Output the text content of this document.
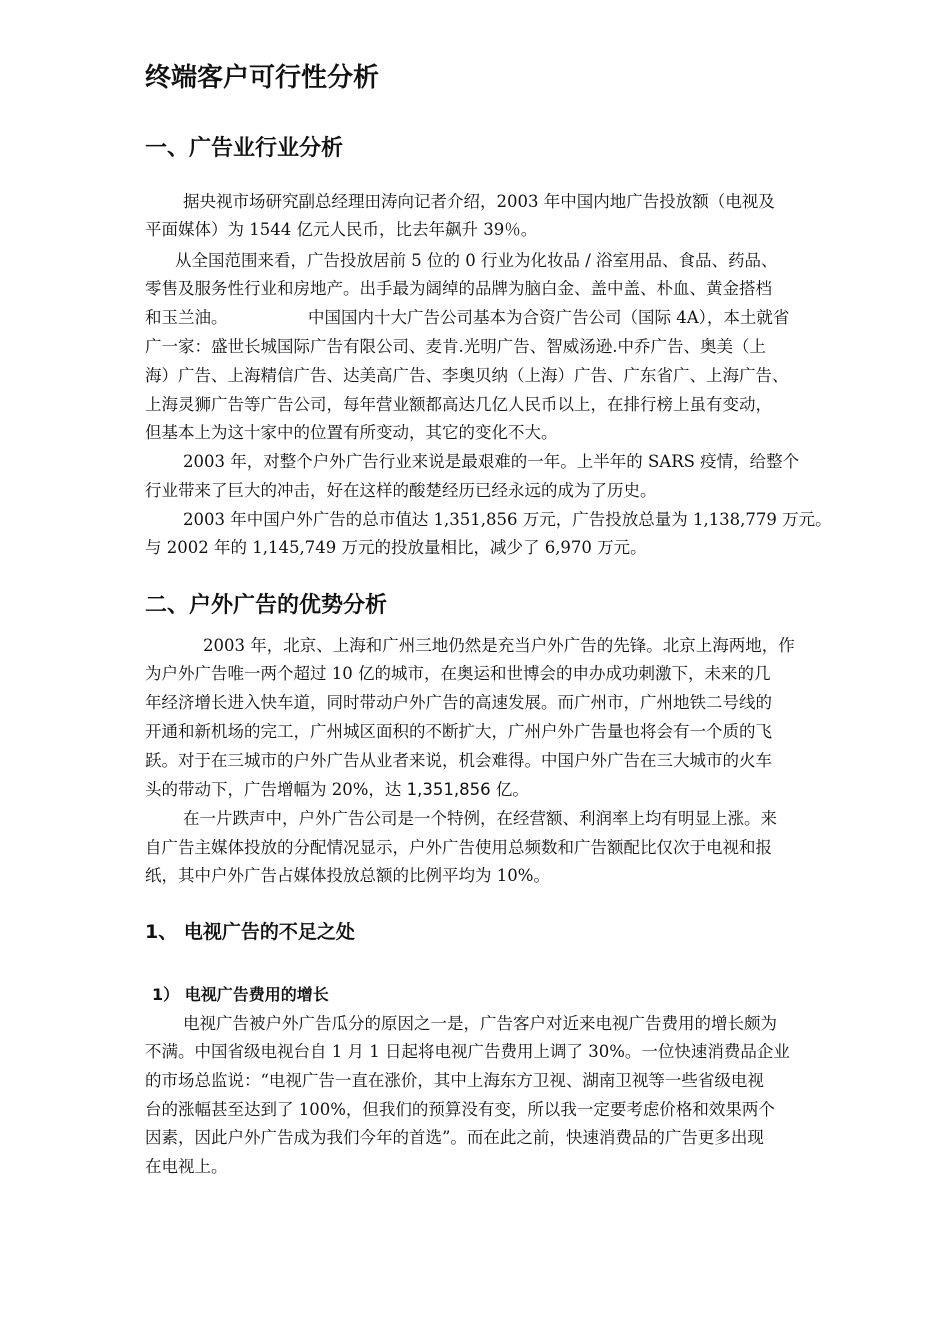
终端客户可行性分析
一、广告业行业分析
据央视市场研究副总经理田涛向记者介绍，2003 年中国内地广告投放额（电视及
平面媒体）为 1544 亿元人民币，比去年飙升 39％。
从全国范围来看，广告投放居前 5 位的 0 行业为化妆品 / 浴室用品、食品、药品、
零售及服务性行业和房地产。出手最为阔绰的品牌为脑白金、盖中盖、朴血、黄金搭档
和玉兰油。	中国国内十大广告公司基本为合资广告公司（国际 4A），本土就省
广一家：盛世长城国际广告有限公司、麦肯.光明广告、智威汤逊.中乔广告、奥美（上
海）广告、上海精信广告、达美高广告、李奥贝纳（上海）广告、广东省广、上海广告、
上海灵狮广告等广告公司，每年营业额都高达几亿人民币以上，在排行榜上虽有变动，
但基本上为这十家中的位置有所变动，其它的变化不大。
2003 年，对整个户外广告行业来说是最艰难的一年。上半年的 SARS 疫情，给整个
行业带来了巨大的冲击，好在这样的酸楚经历已经永远的成为了历史。
2003 年中国户外广告的总市值达 1,351,856 万元，广告投放总量为 1,138,779 万元。
与 2002 年的 1,145,749 万元的投放量相比，减少了 6,970 万元。
二、户外广告的优势分析
2003 年，北京、上海和广州三地仍然是充当户外广告的先锋。北京上海两地，作
为户外广告唯一两个超过 10 亿的城市，在奥运和世博会的申办成功刺激下，未来的几
年经济增长进入快车道，同时带动户外广告的高速发展。而广州市，广州地铁二号线的
开通和新机场的完工，广州城区面积的不断扩大，广州户外广告量也将会有一个质的飞
跃。对于在三城市的户外广告从业者来说，机会难得。中国户外广告在三大城市的火车
头的带动下，广告增幅为 20%，达 1,351,856 亿。
在一片跌声中，户外广告公司是一个特例，在经营额、利润率上均有明显上涨。来
自广告主媒体投放的分配情况显示，户外广告使用总频数和广告额配比仅次于电视和报
纸，其中户外广告占媒体投放总额的比例平均为 10%。
1、 电视广告的不足之处
1） 电视广告费用的增长
电视广告被户外广告瓜分的原因之一是，广告客户对近来电视广告费用的增长颇为
不满。中国省级电视台自 1 月 1 日起将电视广告费用上调了 30%。一位快速消费品企业
的市场总监说：“电视广告一直在涨价，其中上海东方卫视、湖南卫视等一些省级电视
台的涨幅甚至达到了 100%，但我们的预算没有变，所以我一定要考虑价格和效果两个
因素，因此户外广告成为我们今年的首选”。而在此之前，快速消费品的广告更多出现
在电视上。
